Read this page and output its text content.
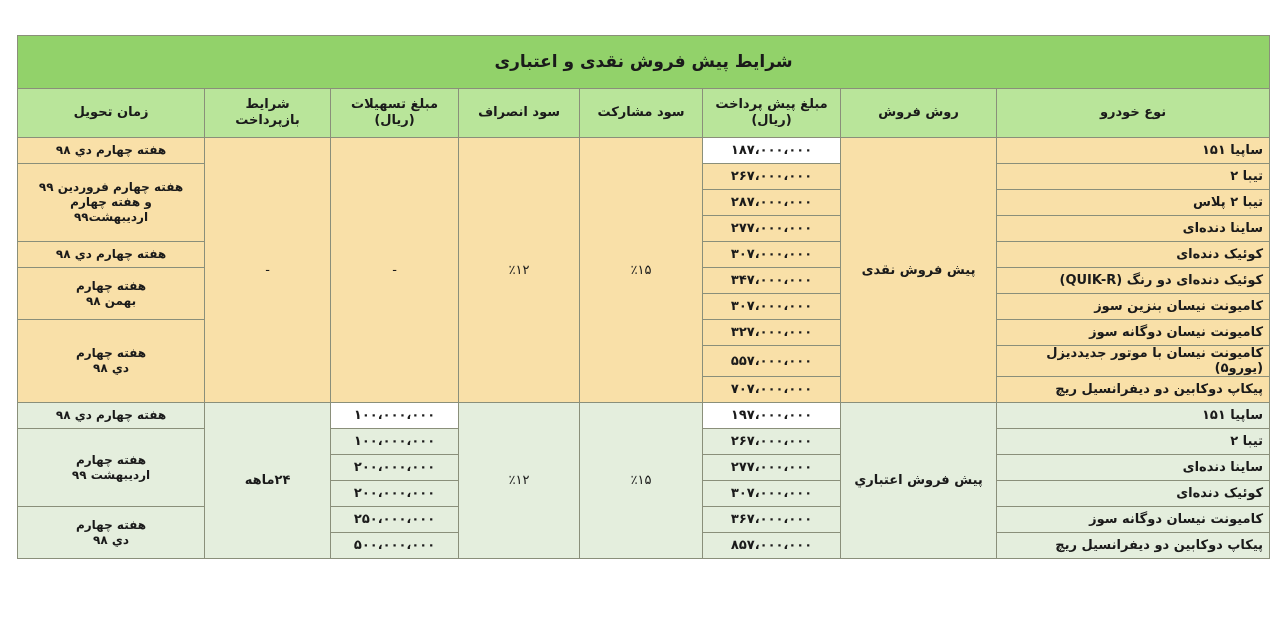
شرایط پیش فروش نقدی و اعتباری							
نوع خودرو	روش فروش	مبلغ پیش پرداخت
(ریال)	سود مشارکت	سود انصراف	مبلغ تسهیلات
(ریال)	شرایط بازپرداخت	زمان تحویل
ساپیا ۱۵۱	پیش فروش نقدی	۱۸۷،۰۰۰،۰۰۰	٪۱۵	٪۱۲	-	-	هفته چهارم دي ۹۸
تیبا ۲		۲۶۷،۰۰۰،۰۰۰					هفته چهارم فروردین ۹۹
و هفته چهارم
اردیبهشت۹۹
تیبا ۲ پلاس		۲۸۷،۰۰۰،۰۰۰					
ساینا دنده‌ای		۲۷۷،۰۰۰،۰۰۰					
کوئیک دنده‌ای		۳۰۷،۰۰۰،۰۰۰					هفته چهارم دي ۹۸
کوئیک دنده‌ای دو رنگ (QUIK-R)		۳۴۷،۰۰۰،۰۰۰					هفته چهارم
بهمن ۹۸
کامیونت نیسان بنزین سوز		۳۰۷،۰۰۰،۰۰۰					
کامیونت نیسان دوگانه سوز		۳۲۷،۰۰۰،۰۰۰					هفته چهارم
دي ۹۸
کامیونت نیسان با موتور جدیددیزل (یورو۵)		۵۵۷،۰۰۰،۰۰۰					
پیکاپ دوکابین دو دیفرانسیل ریچ		۷۰۷،۰۰۰،۰۰۰					
ساپیا ۱۵۱	پیش فروش اعتباري	۱۹۷،۰۰۰،۰۰۰	٪۱۵	٪۱۲	۱۰۰،۰۰۰،۰۰۰	۲۴ماهه	هفته چهارم دي ۹۸
تیبا ۲		۲۶۷،۰۰۰،۰۰۰			۱۰۰،۰۰۰،۰۰۰		هفته چهارم
اردیبهشت ۹۹
ساینا دنده‌ای		۲۷۷،۰۰۰،۰۰۰			۲۰۰،۰۰۰،۰۰۰		
کوئیک دنده‌ای		۳۰۷،۰۰۰،۰۰۰			۲۰۰،۰۰۰،۰۰۰		
کامیونت نیسان دوگانه سوز		۳۶۷،۰۰۰،۰۰۰			۲۵۰،۰۰۰،۰۰۰		هفته چهارم
دي ۹۸
پیکاپ دوکابین دو دیفرانسیل ریچ		۸۵۷،۰۰۰،۰۰۰			۵۰۰،۰۰۰،۰۰۰		
